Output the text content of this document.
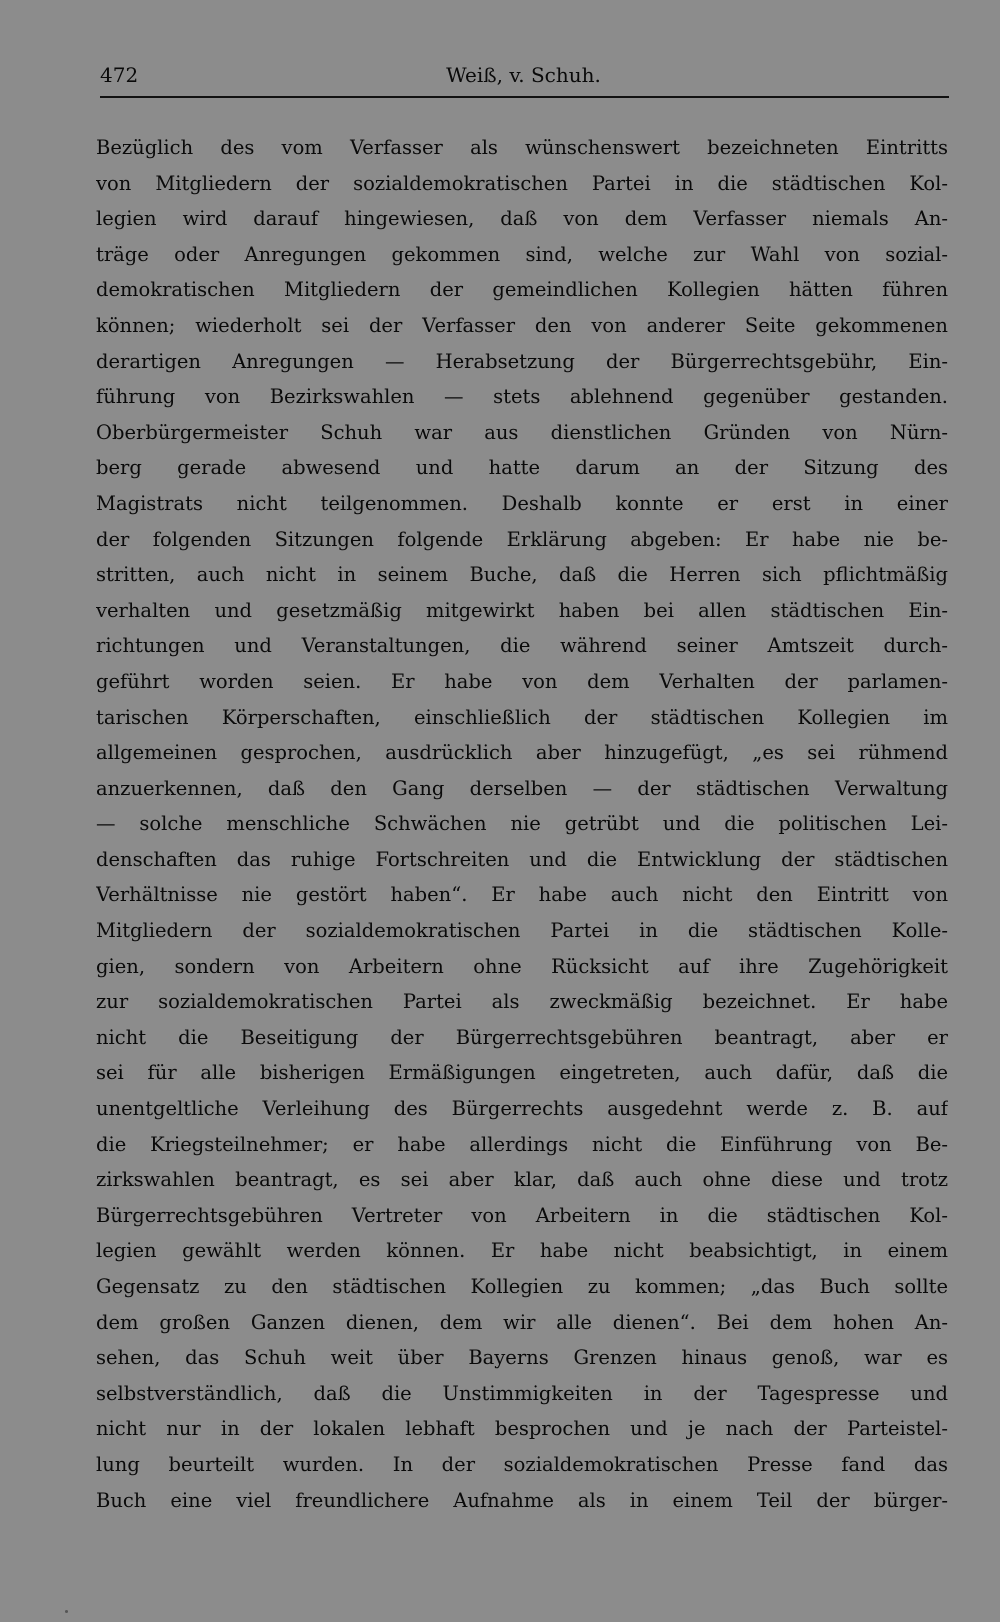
472	Weiß, v. Schuh.
Bezüglich des vom Verfasser als wünschenswert bezeichneten Eintritts
von Mitgliedern der sozialdemokratischen Partei in die städtischen Kol-
legien wird darauf hingewiesen, daß von dem Verfasser niemals An-
träge oder Anregungen gekommen sind, welche zur Wahl von sozial-
demokratischen Mitgliedern der gemeindlichen Kollegien hätten führen
können; wiederholt sei der Verfasser den von anderer Seite gekommenen
derartigen Anregungen — Herabsetzung der Bürgerrechtsgebühr, Ein-
führung von Bezirkswahlen — stets ablehnend gegenüber gestanden.
Oberbürgermeister Schuh war aus dienstlichen Gründen von Nürn-
berg gerade abwesend und hatte darum an der Sitzung des
Magistrats nicht teilgenommen. Deshalb konnte er erst in einer
der folgenden Sitzungen folgende Erklärung abgeben: Er habe nie be-
stritten, auch nicht in seinem Buche, daß die Herren sich pflichtmäßig
verhalten und gesetzmäßig mitgewirkt haben bei allen städtischen Ein-
richtungen und Veranstaltungen, die während seiner Amtszeit durch-
geführt worden seien. Er habe von dem Verhalten der parlamen-
tarischen Körperschaften, einschließlich der städtischen Kollegien im
allgemeinen gesprochen, ausdrücklich aber hinzugefügt, „es sei rühmend
anzuerkennen, daß den Gang derselben — der städtischen Verwaltung
— solche menschliche Schwächen nie getrübt und die politischen Lei-
denschaften das ruhige Fortschreiten und die Entwicklung der städtischen
Verhältnisse nie gestört haben“. Er habe auch nicht den Eintritt von
Mitgliedern der sozialdemokratischen Partei in die städtischen Kolle-
gien, sondern von Arbeitern ohne Rücksicht auf ihre Zugehörigkeit
zur sozialdemokratischen Partei als zweckmäßig bezeichnet. Er habe
nicht die Beseitigung der Bürgerrechtsgebühren beantragt, aber er
sei für alle bisherigen Ermäßigungen eingetreten, auch dafür, daß die
unentgeltliche Verleihung des Bürgerrechts ausgedehnt werde z. B. auf
die Kriegsteilnehmer; er habe allerdings nicht die Einführung von Be-
zirkswahlen beantragt, es sei aber klar, daß auch ohne diese und trotz
Bürgerrechtsgebühren Vertreter von Arbeitern in die städtischen Kol-
legien gewählt werden können. Er habe nicht beabsichtigt, in einem
Gegensatz zu den städtischen Kollegien zu kommen; „das Buch sollte
dem großen Ganzen dienen, dem wir alle dienen“. Bei dem hohen An-
sehen, das Schuh weit über Bayerns Grenzen hinaus genoß, war es
selbstverständlich, daß die Unstimmigkeiten in der Tagespresse und
nicht nur in der lokalen lebhaft besprochen und je nach der Parteistel-
lung beurteilt wurden. In der sozialdemokratischen Presse fand das
Buch eine viel freundlichere Aufnahme als in einem Teil der bürger-
